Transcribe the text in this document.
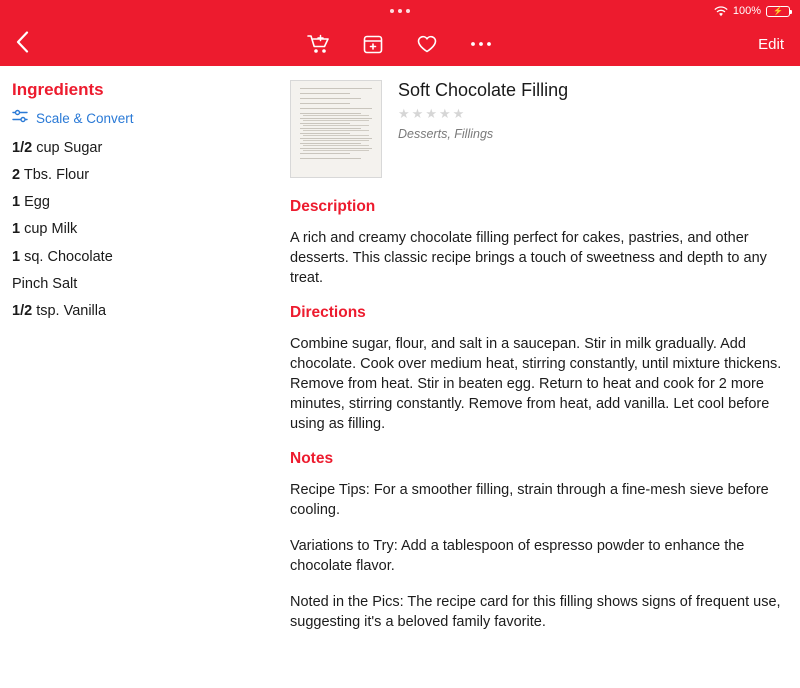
100% ⚡
Edit
Ingredients
Scale & Convert
1/2 cup Sugar
2 Tbs. Flour
1 Egg
1 cup Milk
1 sq. Chocolate
Pinch Salt
1/2 tsp. Vanilla
Soft Chocolate Filling
★ ★ ★ ★ ★
Desserts, Fillings
Description
A rich and creamy chocolate filling perfect for cakes, pastries, and other desserts. This classic recipe brings a touch of sweetness and depth to any treat.
Directions
Combine sugar, flour, and salt in a saucepan. Stir in milk gradually. Add chocolate. Cook over medium heat, stirring constantly, until mixture thickens. Remove from heat. Stir in beaten egg. Return to heat and cook for 2 more minutes, stirring constantly. Remove from heat, add vanilla. Let cool before using as filling.
Notes
Recipe Tips: For a smoother filling, strain through a fine-mesh sieve before cooling.
Variations to Try: Add a tablespoon of espresso powder to enhance the chocolate flavor.
Noted in the Pics: The recipe card for this filling shows signs of frequent use, suggesting it's a beloved family favorite.
